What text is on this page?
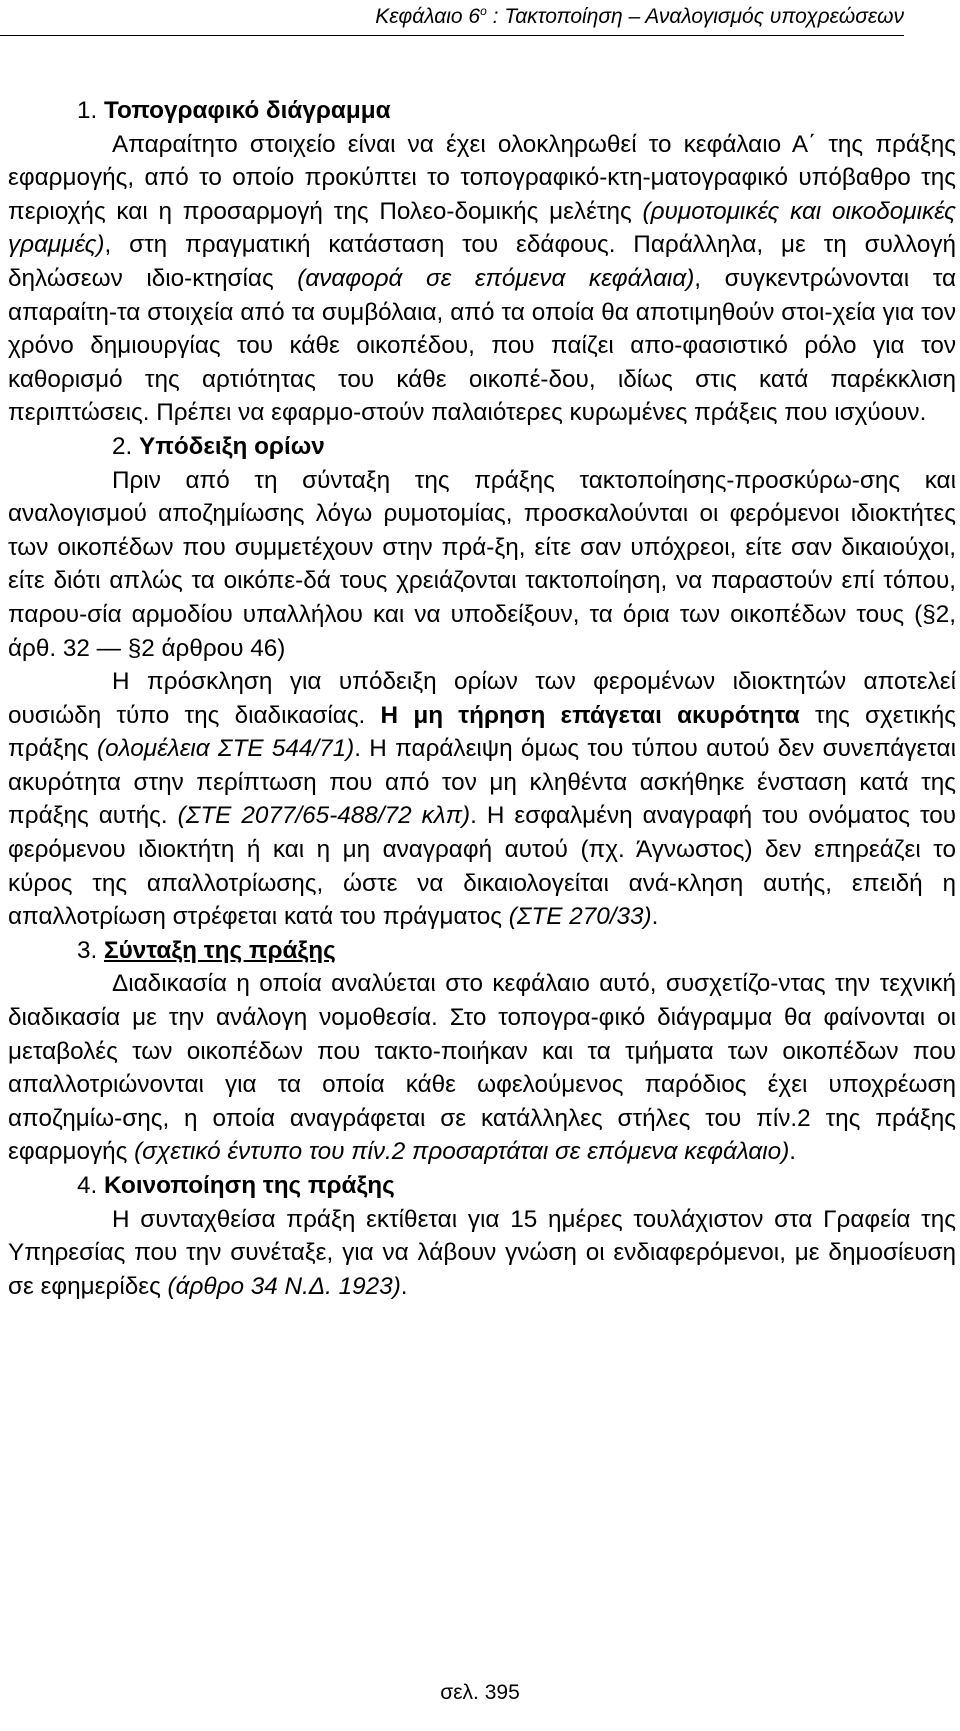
Κεφάλαιο $6^o$ : Τακτοποίηση – Αναλογισμός υποχρεώσεων

1. Τοπογραφικό διάγραμμα

Απαραίτητο στοιχείο είναι να έχει ολοκληρωθεί το κεφάλαιο Α΄ της πράξης εφαρμογής, από το οποίο προκύπτει το τοπογραφικό-κτη-ματογραφικό υπόβαθρο της περιοχής και η προσαρμογή της Πολεο-δομικής μελέτης (ρυμοτομικές και οικοδομικές γραμμές), στη πραγματική κατάσταση του εδάφους. Παράλληλα, με τη συλλογή δηλώσεων ιδιο-κτησίας (αναφορά σε επόμενα κεφάλαια), συγκεντρώνονται τα απαραίτη-τα στοιχεία από τα συμβόλαια, από τα οποία θα αποτιμηθούν στοι-χεία για τον χρόνο δημιουργίας του κάθε οικοπέδου, που παίζει απο-φασιστικό ρόλο για τον καθορισμό της αρτιότητας του κάθε οικοπέ-δου, ιδίως στις κατά παρέκκλιση περιπτώσεις. Πρέπει να εφαρμο-στούν παλαιότερες κυρωμένες πράξεις που ισχύουν.

2. Υπόδειξη ορίων

Πριν από τη σύνταξη της πράξης τακτοποίησης-προσκύρω-σης και αναλογισμού αποζημίωσης λόγω ρυμοτομίας, προσκαλούνται οι φερόμενοι ιδιοκτήτες των οικοπέδων που συμμετέχουν στην πρά-ξη, είτε σαν υπόχρεοι, είτε σαν δικαιούχοι, είτε διότι απλώς τα οικόπε-δά τους χρειάζονται τακτοποίηση, να παραστούν επί τόπου, παρου-σία αρμοδίου υπαλλήλου και να υποδείξουν, τα όρια των οικοπέδων τους (§2, άρθ. 32 — §2 άρθρου 46)

Η πρόσκληση για υπόδειξη ορίων των φερομένων ιδιοκτητών αποτελεί ουσιώδη τύπο της διαδικασίας. Η μη τήρηση επάγεται ακυρότητα της σχετικής πράξης (ολομέλεια ΣΤΕ 544/71). Η παράλειψη όμως του τύπου αυτού δεν συνεπάγεται ακυρότητα στην περίπτωση που από τον μη κληθέντα ασκήθηκε ένσταση κατά της πράξης αυτής. (ΣΤΕ 2077/65-488/72 κλπ). Η εσφαλμένη αναγραφή του ονόματος του φερόμενου ιδιοκτήτη ή και η μη αναγραφή αυτού (πχ. Άγνωστος) δεν επηρεάζει το κύρος της απαλλοτρίωσης, ώστε να δικαιολογείται ανά-κληση αυτής, επειδή η απαλλοτρίωση στρέφεται κατά του πράγματος (ΣΤΕ 270/33).

3. Σύνταξη της πράξης

Διαδικασία η οποία αναλύεται στο κεφάλαιο αυτό, συσχετίζο-ντας την τεχνική διαδικασία με την ανάλογη νομοθεσία. Στο τοπογρα-φικό διάγραμμα θα φαίνονται οι μεταβολές των οικοπέδων που τακτο-ποιήκαν και τα τμήματα των οικοπέδων που απαλλοτριώνονται για τα οποία κάθε ωφελούμενος παρόδιος έχει υποχρέωση αποζημίω-σης, η οποία αναγράφεται σε κατάλληλες στήλες του πίν.2 της πράξης εφαρμογής (σχετικό έντυπο του πίν.2 προσαρτάται σε επόμενα κεφάλαιο).

4. Κοινοποίηση της πράξης

Η συνταχθείσα πράξη εκτίθεται για 15 ημέρες τουλάχιστον στα Γραφεία της Υπηρεσίας που την συνέταξε, για να λάβουν γνώση οι ενδιαφερόμενοι, με δημοσίευση σε εφημερίδες (άρθρο 34 Ν.Δ. 1923).

σελ. 395
